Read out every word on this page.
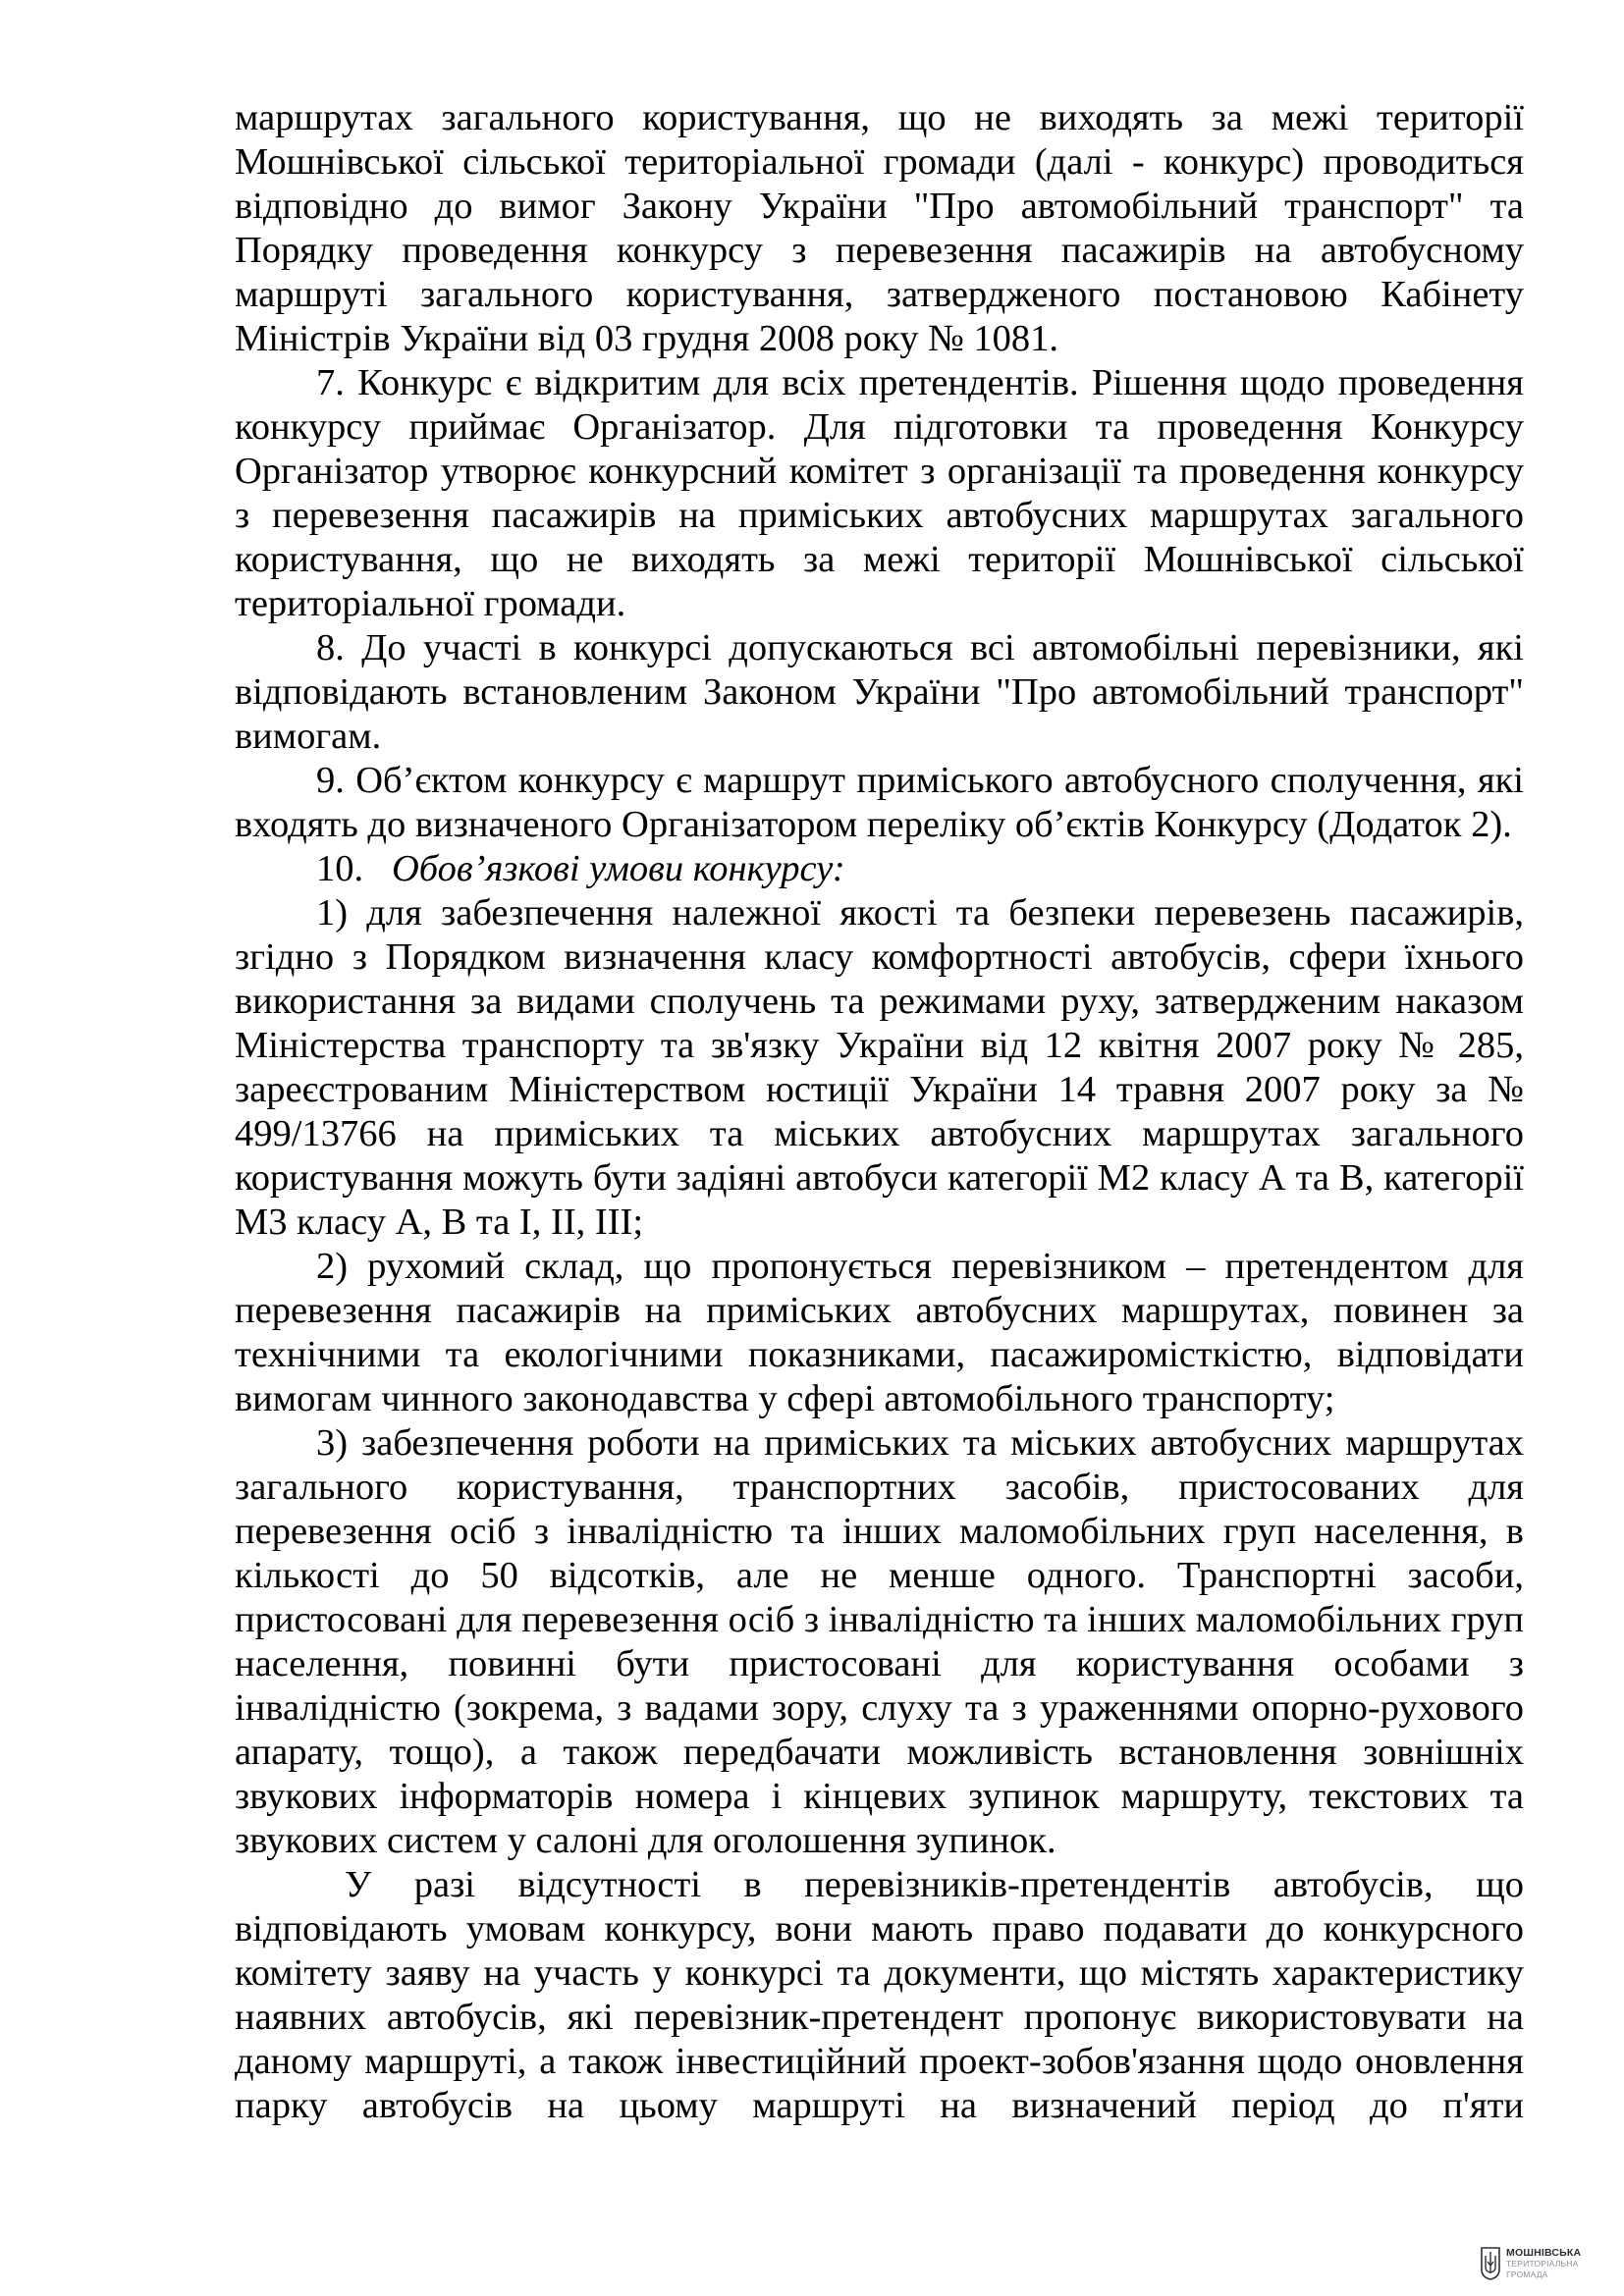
маршрутах загального користування, що не виходять за межі території Мошнівської сільської територіальної громади (далі - конкурс) проводиться відповідно до вимог Закону України "Про автомобільний транспорт" та Порядку проведення конкурсу з перевезення пасажирів на автобусному маршруті загального користування, затвердженого постановою Кабінету Міністрів України від 03 грудня 2008 року № 1081.

7. Конкурс є відкритим для всіх претендентів. Рішення щодо проведення конкурсу приймає Організатор. Для підготовки та проведення Конкурсу Організатор утворює конкурсний комітет з організації та проведення конкурсу з перевезення пасажирів на приміських автобусних маршрутах загального користування, що не виходять за межі території Мошнівської сільської територіальної громади.

8. До участі в конкурсі допускаються всі автомобільні перевізники, які відповідають встановленим Законом України "Про автомобільний транспорт" вимогам.

9. Об’єктом конкурсу є маршрут приміського автобусного сполучення, які входять до визначеного Організатором переліку об’єктів Конкурсу (Додаток 2).

10. Обов’язкові умови конкурсу:

1) для забезпечення належної якості та безпеки перевезень пасажирів, згідно з Порядком визначення класу комфортності автобусів, сфери їхнього використання за видами сполучень та режимами руху, затвердженим наказом Міністерства транспорту та зв'язку України від 12 квітня 2007 року № 285, зареєстрованим Міністерством юстиції України 14 травня 2007 року за № 499/13766 на приміських та міських автобусних маршрутах загального користування можуть бути задіяні автобуси категорії М2 класу А та В, категорії М3 класу А, В та І, ІІ, ІІІ;

2) рухомий склад, що пропонується перевізником – претендентом для перевезення пасажирів на приміських автобусних маршрутах, повинен за технічними та екологічними показниками, пасажиромісткістю, відповідати вимогам чинного законодавства у сфері автомобільного транспорту;

3) забезпечення роботи на приміських та міських автобусних маршрутах загального користування, транспортних засобів, пристосованих для перевезення осіб з інвалідністю та інших маломобільних груп населення, в кількості до 50 відсотків, але не менше одного. Транспортні засоби, пристосовані для перевезення осіб з інвалідністю та інших маломобільних груп населення, повинні бути пристосовані для користування особами з інвалідністю (зокрема, з вадами зору, слуху та з ураженнями опорно-рухового апарату, тощо), а також передбачати можливість встановлення зовнішніх звукових інформаторів номера і кінцевих зупинок маршруту, текстових та звукових систем у салоні для оголошення зупинок.

У разі відсутності в перевізників-претендентів автобусів, що відповідають умовам конкурсу, вони мають право подавати до конкурсного комітету заяву на участь у конкурсі та документи, що містять характеристику наявних автобусів, які перевізник-претендент пропонує використовувати на даному маршруті, а також інвестиційний проект-зобов'язання щодо оновлення парку автобусів на цьому маршруті на визначений період до п'яти

МОШНІВСЬКА
ТЕРИТОРІАЛЬНА
ГРОМАДА
